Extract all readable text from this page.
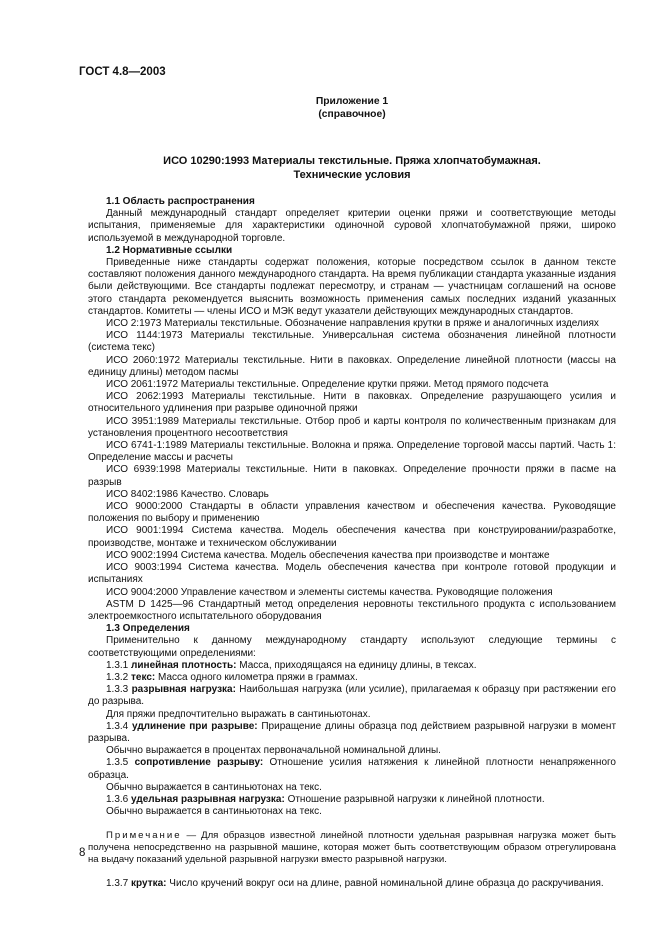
ГОСТ 4.8—2003
Приложение 1
(справочное)
ИСО 10290:1993 Материалы текстильные. Пряжа хлопчатобумажная.
Технические условия
1.1 Область распространения
Данный международный стандарт определяет критерии оценки пряжи и соответствующие методы испытания, применяемые для характеристики одиночной суровой хлопчатобумажной пряжи, широко используемой в международной торговле.
1.2 Нормативные ссылки
Приведенные ниже стандарты содержат положения, которые посредством ссылок в данном тексте составляют положения данного международного стандарта. На время публикации стандарта указанные издания были действующими. Все стандарты подлежат пересмотру, и странам — участницам соглашений на основе этого стандарта рекомендуется выяснить возможность применения самых последних изданий указанных стандартов. Комитеты — члены ИСО и МЭК ведут указатели действующих международных стандартов.
ИСО 2:1973 Материалы текстильные. Обозначение направления крутки в пряже и аналогичных изделиях
ИСО 1144:1973 Материалы текстильные. Универсальная система обозначения линейной плотности (система текс)
ИСО 2060:1972 Материалы текстильные. Нити в паковках. Определение линейной плотности (массы на единицу длины) методом пасмы
ИСО 2061:1972 Материалы текстильные. Определение крутки пряжи. Метод прямого подсчета
ИСО 2062:1993 Материалы текстильные. Нити в паковках. Определение разрушающего усилия и относительного удлинения при разрыве одиночной пряжи
ИСО 3951:1989 Материалы текстильные. Отбор проб и карты контроля по количественным признакам для установления процентного несоответствия
ИСО 6741-1:1989 Материалы текстильные. Волокна и пряжа. Определение торговой массы партий. Часть 1: Определение массы и расчеты
ИСО 6939:1998 Материалы текстильные. Нити в паковках. Определение прочности пряжи в пасме на разрыв
ИСО 8402:1986 Качество. Словарь
ИСО 9000:2000 Стандарты в области управления качеством и обеспечения качества. Руководящие положения по выбору и применению
ИСО 9001:1994 Система качества. Модель обеспечения качества при конструировании/разработке, производстве, монтаже и техническом обслуживании
ИСО 9002:1994 Система качества. Модель обеспечения качества при производстве и монтаже
ИСО 9003:1994 Система качества. Модель обеспечения качества при контроле готовой продукции и испытаниях
ИСО 9004:2000 Управление качеством и элементы системы качества. Руководящие положения
ASTM D 1425—96 Стандартный метод определения неровноты текстильного продукта с использованием электроемкостного испытательного оборудования
1.3 Определения
Применительно к данному международному стандарту используют следующие термины с соответствующими определениями:
1.3.1 линейная плотность: Масса, приходящаяся на единицу длины, в тексах.
1.3.2 текс: Масса одного километра пряжи в граммах.
1.3.3 разрывная нагрузка: Наибольшая нагрузка (или усилие), прилагаемая к образцу при растяжении его до разрыва.
Для пряжи предпочтительно выражать в сантиньютонах.
1.3.4 удлинение при разрыве: Приращение длины образца под действием разрывной нагрузки в момент разрыва.
Обычно выражается в процентах первоначальной номинальной длины.
1.3.5 сопротивление разрыву: Отношение усилия натяжения к линейной плотности ненапряженного образца.
Обычно выражается в сантиньютонах на текс.
1.3.6 удельная разрывная нагрузка: Отношение разрывной нагрузки к линейной плотности.
Обычно выражается в сантиньютонах на текс.
Примечание — Для образцов известной линейной плотности удельная разрывная нагрузка может быть получена непосредственно на разрывной машине, которая может быть соответствующим образом отрегулирована на выдачу показаний удельной разрывной нагрузки вместо разрывной нагрузки.
1.3.7 крутка: Число кручений вокруг оси на длине, равной номинальной длине образца до раскручивания.
8
